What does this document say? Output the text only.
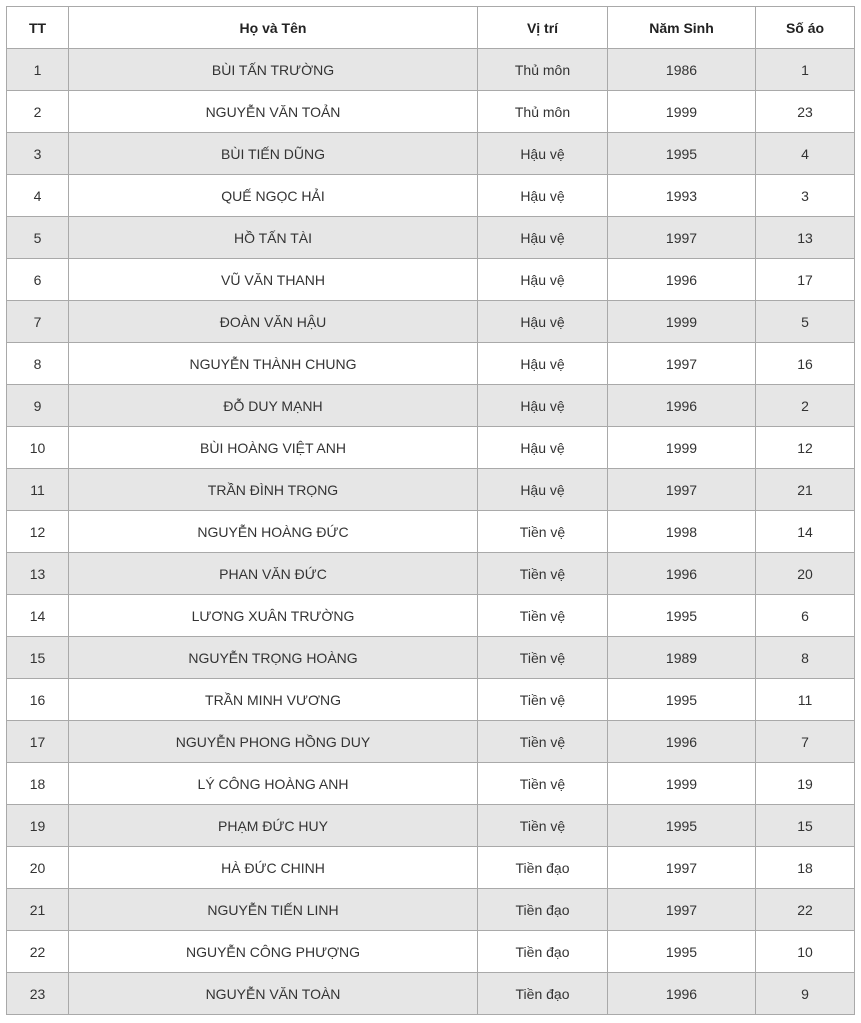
TT	Họ và Tên	Vị trí	Năm Sinh	Số áo
1	BÙI TẤN TRƯỜNG	Thủ môn	1986	1
2	NGUYỄN VĂN TOẢN	Thủ môn	1999	23
3	BÙI TIẾN DŨNG	Hậu vệ	1995	4
4	QUẾ NGỌC HẢI	Hậu vệ	1993	3
5	HỒ TẤN TÀI	Hậu vệ	1997	13
6	VŨ VĂN THANH	Hậu vệ	1996	17
7	ĐOÀN VĂN HẬU	Hậu vệ	1999	5
8	NGUYỄN THÀNH CHUNG	Hậu vệ	1997	16
9	ĐỖ DUY MẠNH	Hậu vệ	1996	2
10	BÙI HOÀNG VIỆT ANH	Hậu vệ	1999	12
11	TRẦN ĐÌNH TRỌNG	Hậu vệ	1997	21
12	NGUYỄN HOÀNG ĐỨC	Tiền vệ	1998	14
13	PHAN VĂN ĐỨC	Tiền vệ	1996	20
14	LƯƠNG XUÂN TRƯỜNG	Tiền vệ	1995	6
15	NGUYỄN TRỌNG HOÀNG	Tiền vệ	1989	8
16	TRẦN MINH VƯƠNG	Tiền vệ	1995	11
17	NGUYỄN PHONG HỒNG DUY	Tiền vệ	1996	7
18	LÝ CÔNG HOÀNG ANH	Tiền vệ	1999	19
19	PHẠM ĐỨC HUY	Tiền vệ	1995	15
20	HÀ ĐỨC CHINH	Tiền đạo	1997	18
21	NGUYỄN TIẾN LINH	Tiền đạo	1997	22
22	NGUYỄN CÔNG PHƯỢNG	Tiền đạo	1995	10
23	NGUYỄN VĂN TOÀN	Tiền đạo	1996	9
